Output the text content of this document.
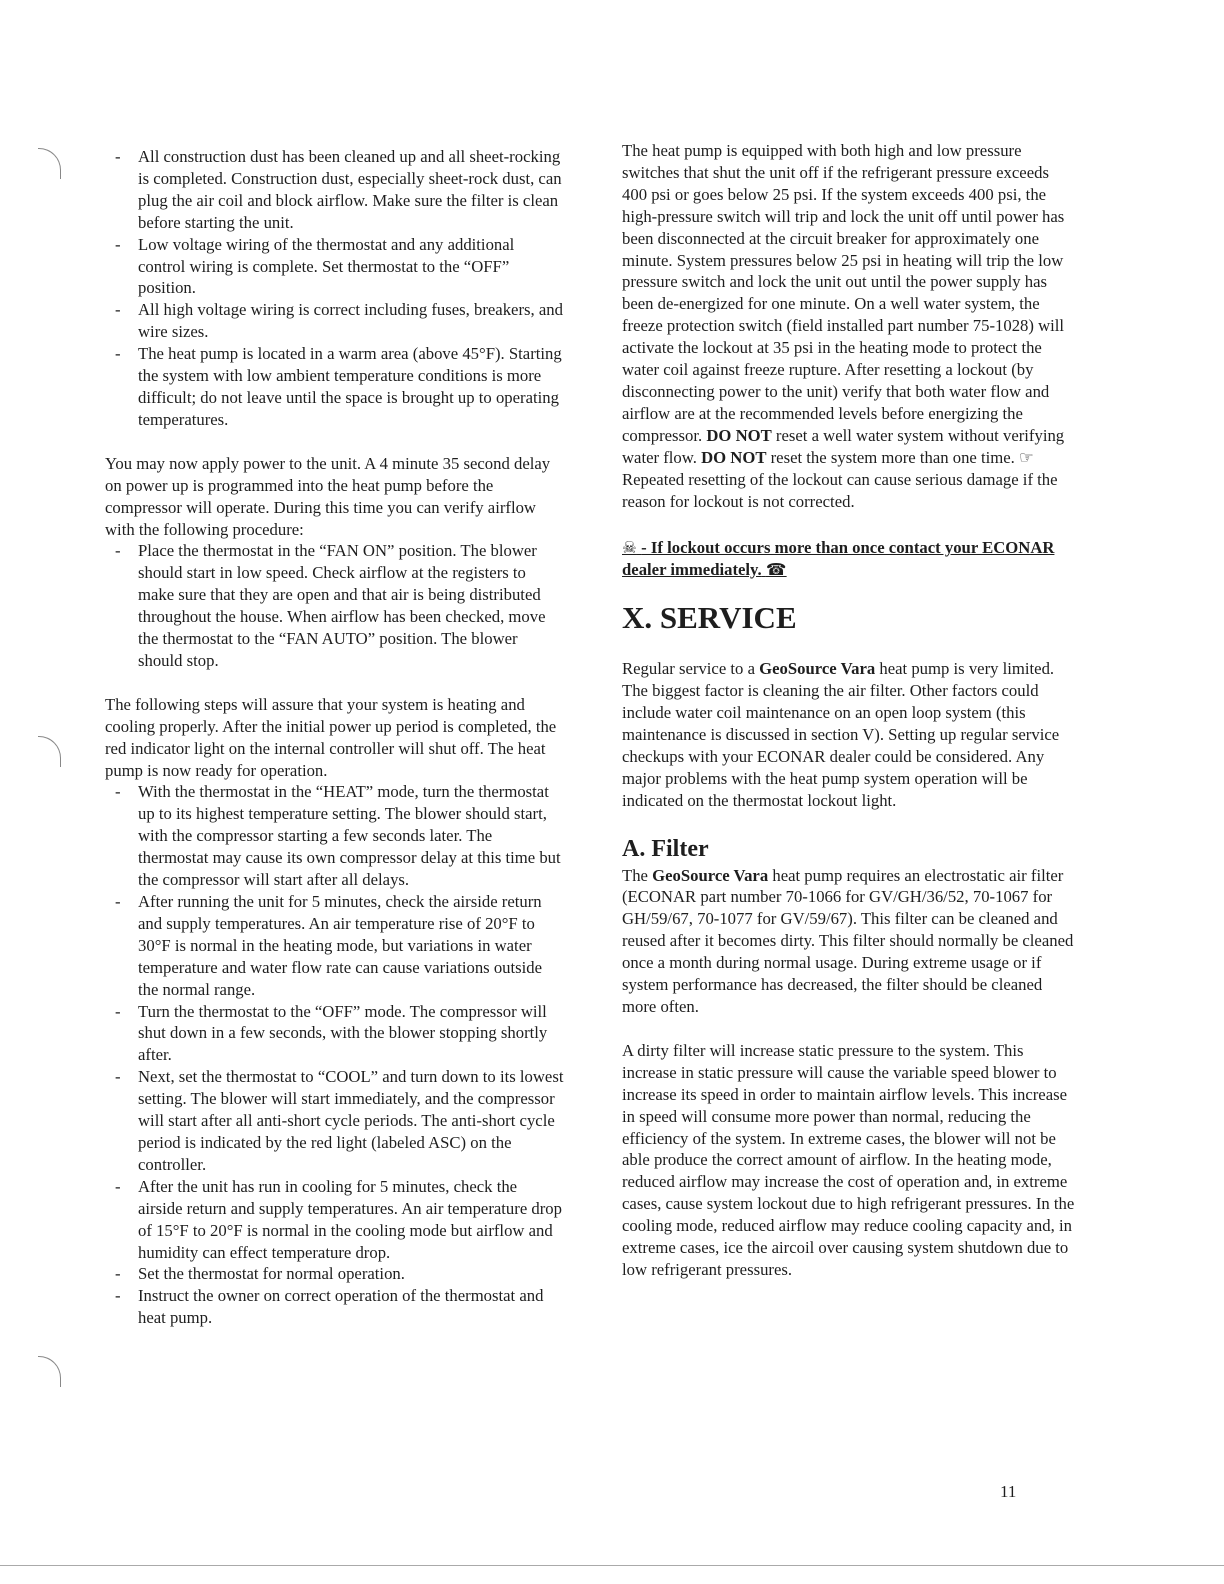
- All construction dust has been cleaned up and all sheet-rocking is completed. Construction dust, especially sheet-rock dust, can plug the air coil and block airflow. Make sure the filter is clean before starting the unit.
- Low voltage wiring of the thermostat and any additional control wiring is complete. Set thermostat to the “OFF” position.
- All high voltage wiring is correct including fuses, breakers, and wire sizes.
- The heat pump is located in a warm area (above 45°F). Starting the system with low ambient temperature conditions is more difficult; do not leave until the space is brought up to operating temperatures.

You may now apply power to the unit. A 4 minute 35 second delay on power up is programmed into the heat pump before the compressor will operate. During this time you can verify airflow with the following procedure:

- Place the thermostat in the “FAN ON” position. The blower should start in low speed. Check airflow at the registers to make sure that they are open and that air is being distributed throughout the house. When airflow has been checked, move the thermostat to the “FAN AUTO” position. The blower should stop.

The following steps will assure that your system is heating and cooling properly. After the initial power up period is completed, the red indicator light on the internal controller will shut off. The heat pump is now ready for operation.

- With the thermostat in the “HEAT” mode, turn the thermostat up to its highest temperature setting. The blower should start, with the compressor starting a few seconds later. The thermostat may cause its own compressor delay at this time but the compressor will start after all delays.
- After running the unit for 5 minutes, check the airside return and supply temperatures. An air temperature rise of 20°F to 30°F is normal in the heating mode, but variations in water temperature and water flow rate can cause variations outside the normal range.
- Turn the thermostat to the “OFF” mode. The compressor will shut down in a few seconds, with the blower stopping shortly after.
- Next, set the thermostat to “COOL” and turn down to its lowest setting. The blower will start immediately, and the compressor will start after all anti-short cycle periods. The anti-short cycle period is indicated by the red light (labeled ASC) on the controller.
- After the unit has run in cooling for 5 minutes, check the airside return and supply temperatures. An air temperature drop of 15°F to 20°F is normal in the cooling mode but airflow and humidity can effect temperature drop.
- Set the thermostat for normal operation.
- Instruct the owner on correct operation of the thermostat and heat pump.

The heat pump is equipped with both high and low pressure switches that shut the unit off if the refrigerant pressure exceeds 400 psi or goes below 25 psi. If the system exceeds 400 psi, the high-pressure switch will trip and lock the unit off until power has been disconnected at the circuit breaker for approximately one minute. System pressures below 25 psi in heating will trip the low pressure switch and lock the unit out until the power supply has been de-energized for one minute. On a well water system, the freeze protection switch (field installed part number 75-1028) will activate the lockout at 35 psi in the heating mode to protect the water coil against freeze rupture. After resetting a lockout (by disconnecting power to the unit) verify that both water flow and airflow are at the recommended levels before energizing the compressor. DO NOT reset a well water system without verifying water flow. DO NOT reset the system more than one time. ☞Repeated resetting of the lockout can cause serious damage if the reason for lockout is not corrected.

☠ - If lockout occurs more than once contact your ECONAR dealer immediately. ☎

X. SERVICE

Regular service to a GeoSource Vara heat pump is very limited. The biggest factor is cleaning the air filter. Other factors could include water coil maintenance on an open loop system (this maintenance is discussed in section V). Setting up regular service checkups with your ECONAR dealer could be considered. Any major problems with the heat pump system operation will be indicated on the thermostat lockout light.

A. Filter

The GeoSource Vara heat pump requires an electrostatic air filter (ECONAR part number 70-1066 for GV/GH/36/52, 70-1067 for GH/59/67, 70-1077 for GV/59/67). This filter can be cleaned and reused after it becomes dirty. This filter should normally be cleaned once a month during normal usage. During extreme usage or if system performance has decreased, the filter should be cleaned more often.

A dirty filter will increase static pressure to the system. This increase in static pressure will cause the variable speed blower to increase its speed in order to maintain airflow levels. This increase in speed will consume more power than normal, reducing the efficiency of the system. In extreme cases, the blower will not be able produce the correct amount of airflow. In the heating mode, reduced airflow may increase the cost of operation and, in extreme cases, cause system lockout due to high refrigerant pressures. In the cooling mode, reduced airflow may reduce cooling capacity and, in extreme cases, ice the aircoil over causing system shutdown due to low refrigerant pressures.

11
